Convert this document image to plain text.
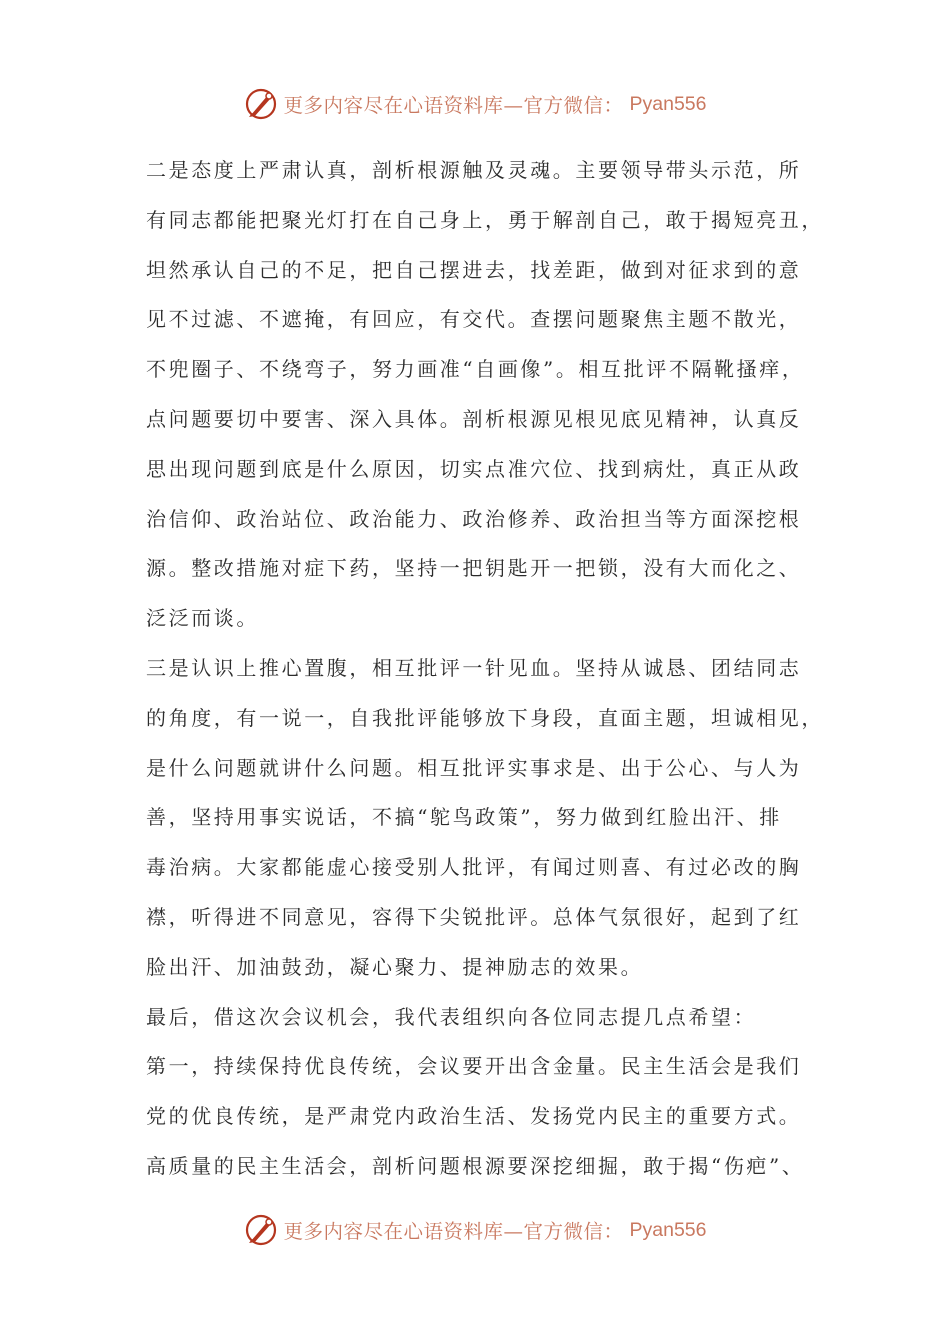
更多内容尽在心语资料库—官方微信： Pyan556
二是态度上严肃认真，剖析根源触及灵魂。主要领导带头示范，所
有同志都能把聚光灯打在自己身上，勇于解剖自己，敢于揭短亮丑，
坦然承认自己的不足，把自己摆进去，找差距，做到对征求到的意
见不过滤、不遮掩，有回应，有交代。查摆问题聚焦主题不散光，
不兜圈子、不绕弯子，努力画准“自画像”。相互批评不隔靴搔痒，
点问题要切中要害、深入具体。剖析根源见根见底见精神，认真反
思出现问题到底是什么原因，切实点准穴位、找到病灶，真正从政
治信仰、政治站位、政治能力、政治修养、政治担当等方面深挖根
源。整改措施对症下药，坚持一把钥匙开一把锁，没有大而化之、
泛泛而谈。
三是认识上推心置腹，相互批评一针见血。坚持从诚恳、团结同志
的角度，有一说一，自我批评能够放下身段，直面主题，坦诚相见，
是什么问题就讲什么问题。相互批评实事求是、出于公心、与人为
善，坚持用事实说话，不搞“鸵鸟政策”，努力做到红脸出汗、排
毒治病。大家都能虚心接受别人批评，有闻过则喜、有过必改的胸
襟，听得进不同意见，容得下尖锐批评。总体气氛很好，起到了红
脸出汗、加油鼓劲，凝心聚力、提神励志的效果。
最后，借这次会议机会，我代表组织向各位同志提几点希望：
第一，持续保持优良传统，会议要开出含金量。民主生活会是我们
党的优良传统，是严肃党内政治生活、发扬党内民主的重要方式。
高质量的民主生活会，剖析问题根源要深挖细掘，敢于揭“伤疤”、
更多内容尽在心语资料库—官方微信： Pyan556
